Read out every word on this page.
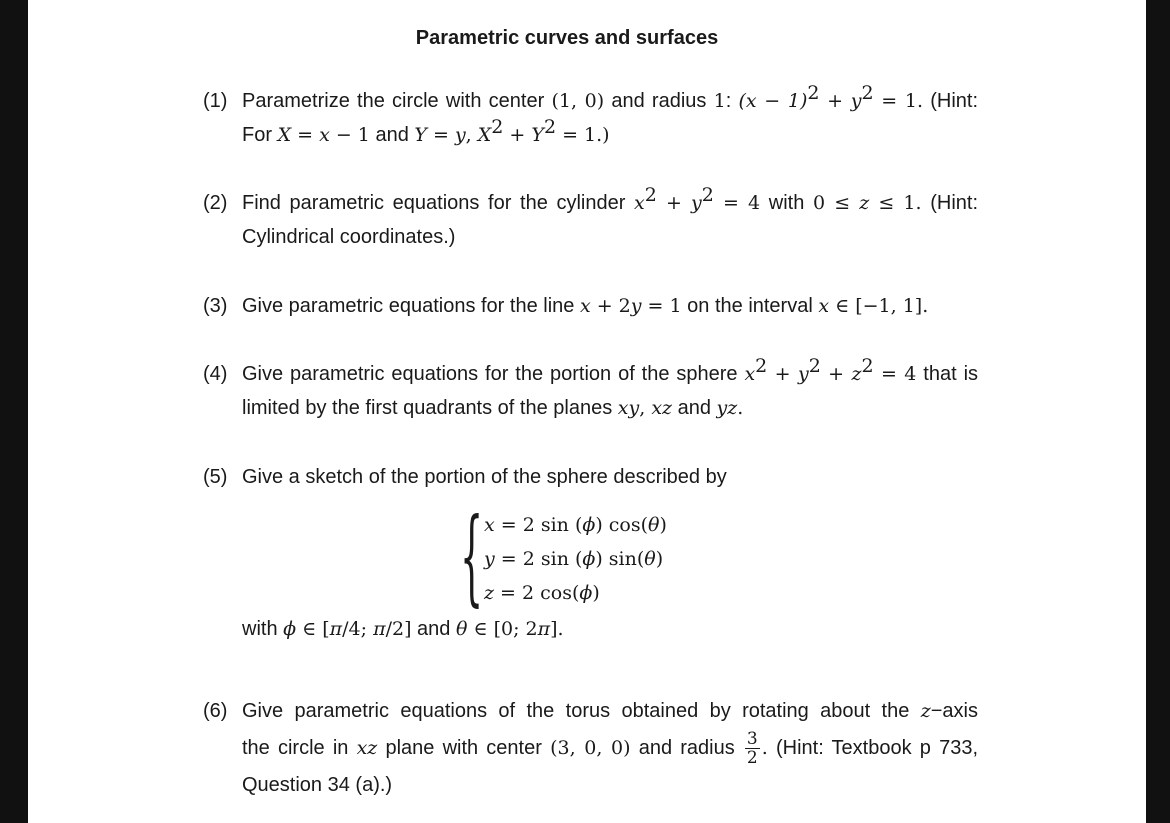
Parametric curves and surfaces
(1) Parametrize the circle with center (1, 0) and radius 1: $(x - 1)^2 + y^2 = 1$. (Hint:
For X = x − 1 and Y = y, $X^2 + Y^2 = 1$.)
(2) Find parametric equations for the cylinder $x^2 + y^2 = 4$ with 0 ≤ z ≤ 1. (Hint:
Cylindrical coordinates.)
(3) Give parametric equations for the line x + 2y = 1 on the interval x ∈ [−1, 1].
(4) Give parametric equations for the portion of the sphere $x^2 + y^2 + z^2 = 4$ that is
limited by the first quadrants of the planes xy, xz and yz.
(5) Give a sketch of the portion of the sphere described by
{ x = 2 sin (ϕ) cos(θ)
y = 2 sin (ϕ) sin(θ)
z = 2 cos(ϕ)
with ϕ ∈ [π/4; π/2] and θ ∈ [0; 2π].
(6) Give parametric equations of the torus obtained by rotating about the z−axis
the circle in xz plane with center (3, 0, 0) and radius $\frac{3}{2}$ . (Hint: Textbook p 733,
Question 34 (a).)
